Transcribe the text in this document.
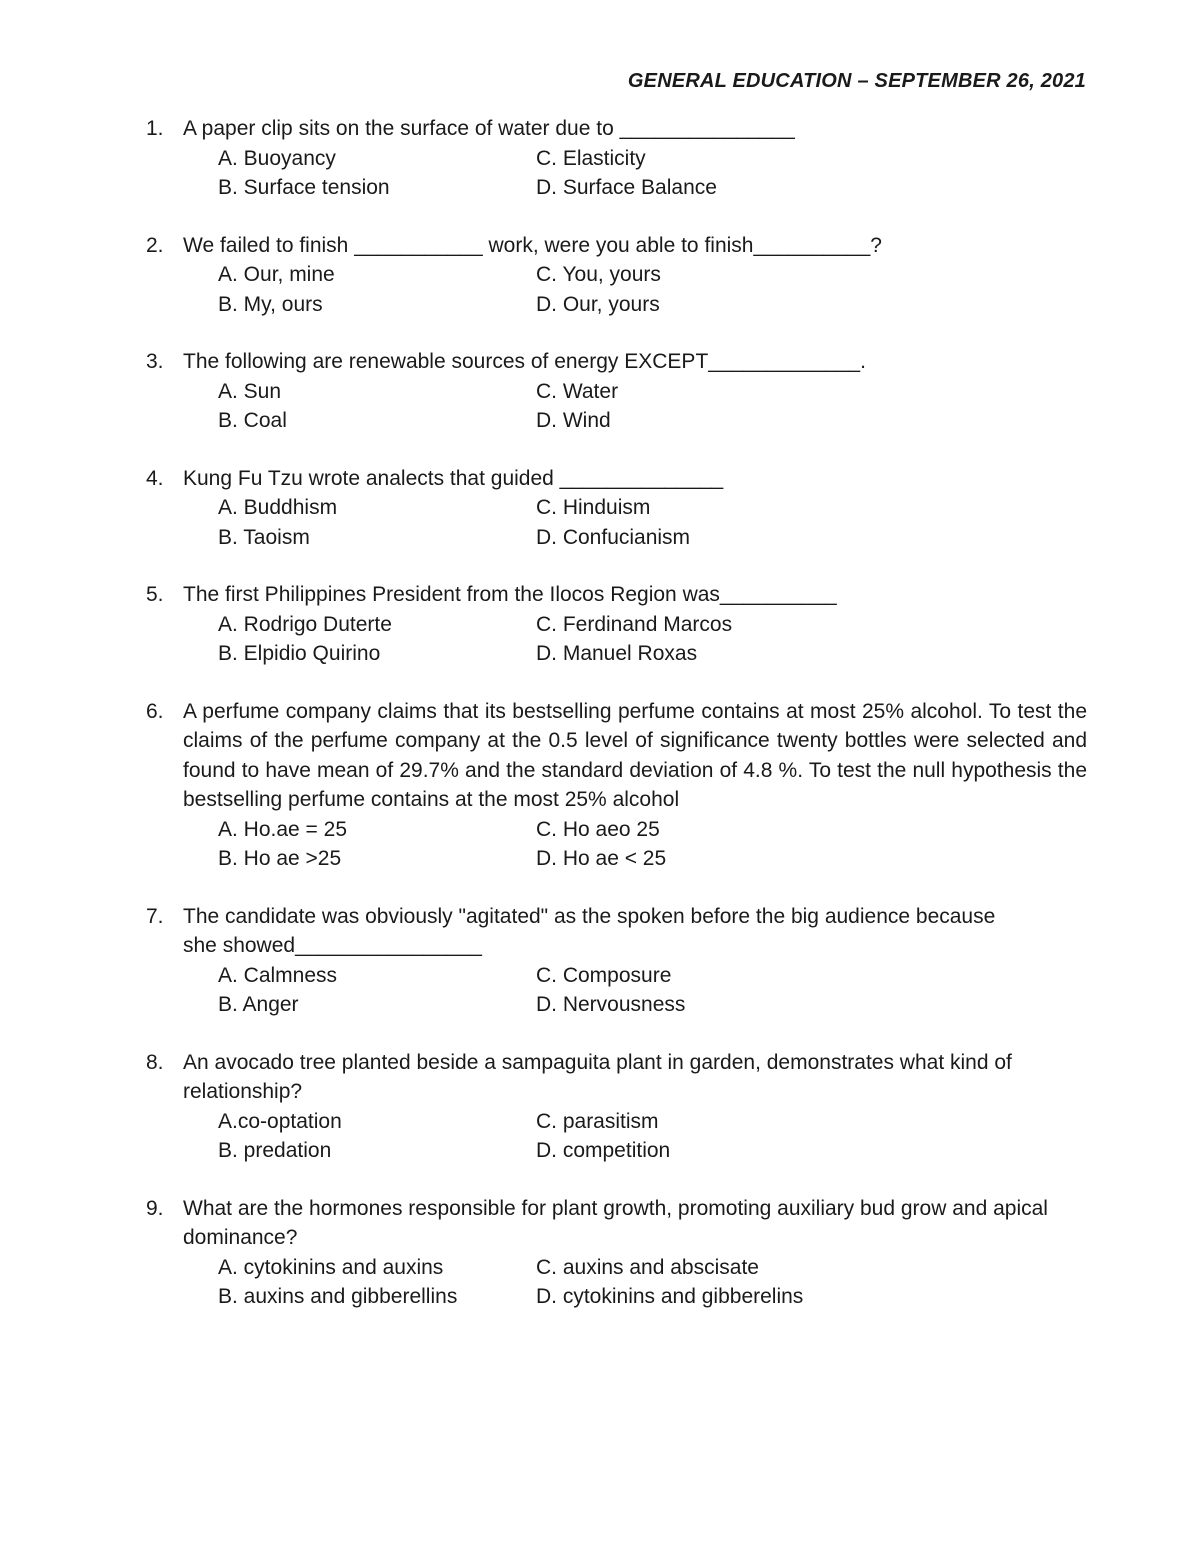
GENERAL EDUCATION – SEPTEMBER 26, 2021
1. A paper clip sits on the surface of water due to _______________
A. Buoyancy	C. Elasticity
B. Surface tension	D. Surface Balance
2. We failed to finish ___________ work, were you able to finish__________?
A. Our, mine	C. You, yours
B. My, ours	D. Our, yours
3. The following are renewable sources of energy EXCEPT_____________.
A. Sun	C. Water
B. Coal	D. Wind
4. Kung Fu Tzu wrote analects that guided ______________
A. Buddhism	C. Hinduism
B. Taoism	D. Confucianism
5. The first Philippines President from the Ilocos Region was__________
A. Rodrigo Duterte	C. Ferdinand Marcos
B. Elpidio Quirino	D. Manuel Roxas
6. A perfume company claims that its bestselling perfume contains at most 25% alcohol. To test the claims of the perfume company at the 0.5 level of significance twenty bottles were selected and found to have mean of 29.7% and the standard deviation of 4.8 %. To test the null hypothesis the bestselling perfume contains at the most 25% alcohol
A. Ho.ae = 25	C. Ho aeo 25
B. Ho ae >25	D. Ho ae < 25
7. The candidate was obviously "agitated" as the spoken before the big audience because she showed________________
A. Calmness	C. Composure
B. Anger	D. Nervousness
8. An avocado tree planted beside a sampaguita plant in garden, demonstrates what kind of relationship?
A.co-optation	C. parasitism
B. predation	D. competition
9. What are the hormones responsible for plant growth, promoting auxiliary bud grow and apical dominance?
A. cytokinins and auxins	C. auxins and abscisate
B. auxins and gibberellins	D. cytokinins and gibberelins
